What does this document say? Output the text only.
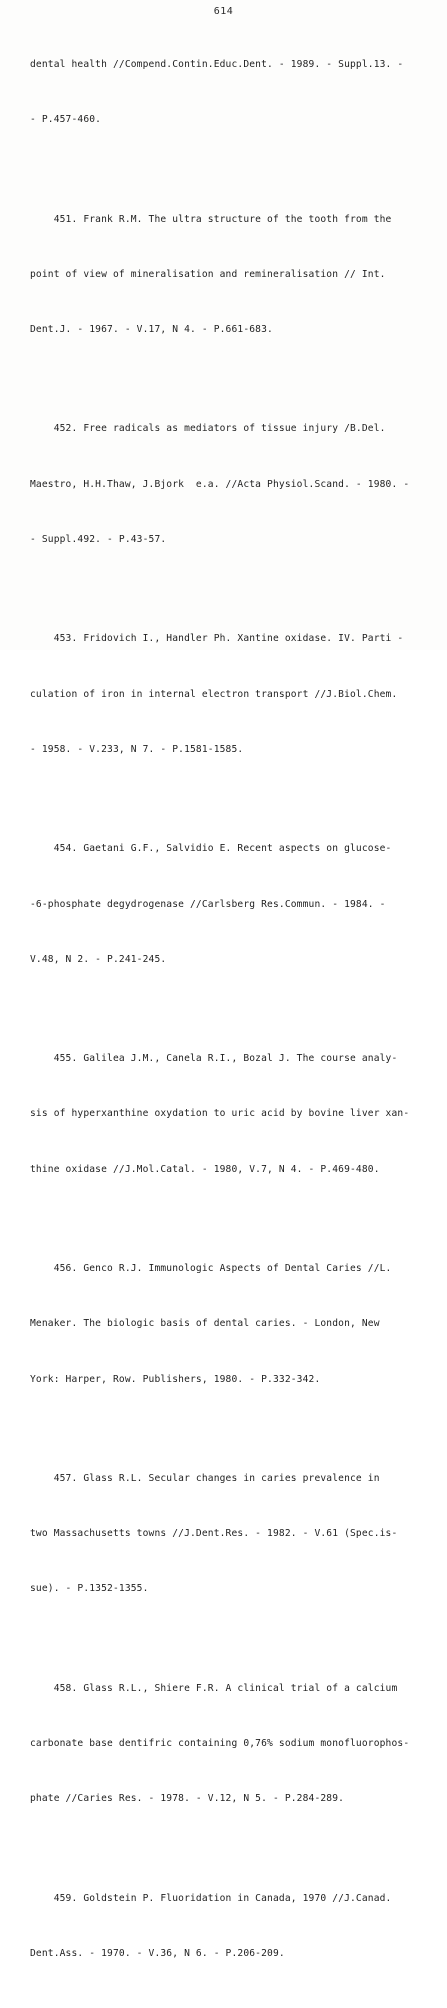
614

dental health //Compend.Contin.Educ.Dent. - 1989. - Suppl.13. -

- P.457-460.

451. Frank R.M. The ultra structure of the tooth from the

point of view of mineralisation and remineralisation // Int.

Dent.J. - 1967. - V.17, N 4. - P.661-683.

452. Free radicals as mediators of tissue injury /B.Del.

Maestro, H.H.Thaw, J.Bjork  e.a. //Acta Physiol.Scand. - 1980. -

- Suppl.492. - P.43-57.

453. Fridovich I., Handler Ph. Xantine oxidase. IV. Parti -

culation of iron in internal electron transport //J.Biol.Chem.

- 1958. - V.233, N 7. - P.1581-1585.

454. Gaetani G.F., Salvidio E. Recent aspects on glucose-

-6-phosphate degydrogenase //Carlsberg Res.Commun. - 1984. -

V.48, N 2. - P.241-245.

455. Galilea J.M., Canela R.I., Bozal J. The course analy-

sis of hyperxanthine oxydation to uric acid by bovine liver xan-

thine oxidase //J.Mol.Catal. - 1980, V.7, N 4. - P.469-480.

456. Genco R.J. Immunologic Aspects of Dental Caries //L.

Menaker. The biologic basis of dental caries. - London, New

York: Harper, Row. Publishers, 1980. - P.332-342.

457. Glass R.L. Secular changes in caries prevalence in

two Massachusetts towns //J.Dent.Res. - 1982. - V.61 (Spec.is-

sue). - P.1352-1355.

458. Glass R.L., Shiere F.R. A clinical trial of a calcium

carbonate base dentifric containing 0,76% sodium monofluorophos-

phate //Caries Res. - 1978. - V.12, N 5. - P.284-289.

459. Goldstein P. Fluoridation in Canada, 1970 //J.Canad.

Dent.Ass. - 1970. - V.36, N 6. - P.206-209.
